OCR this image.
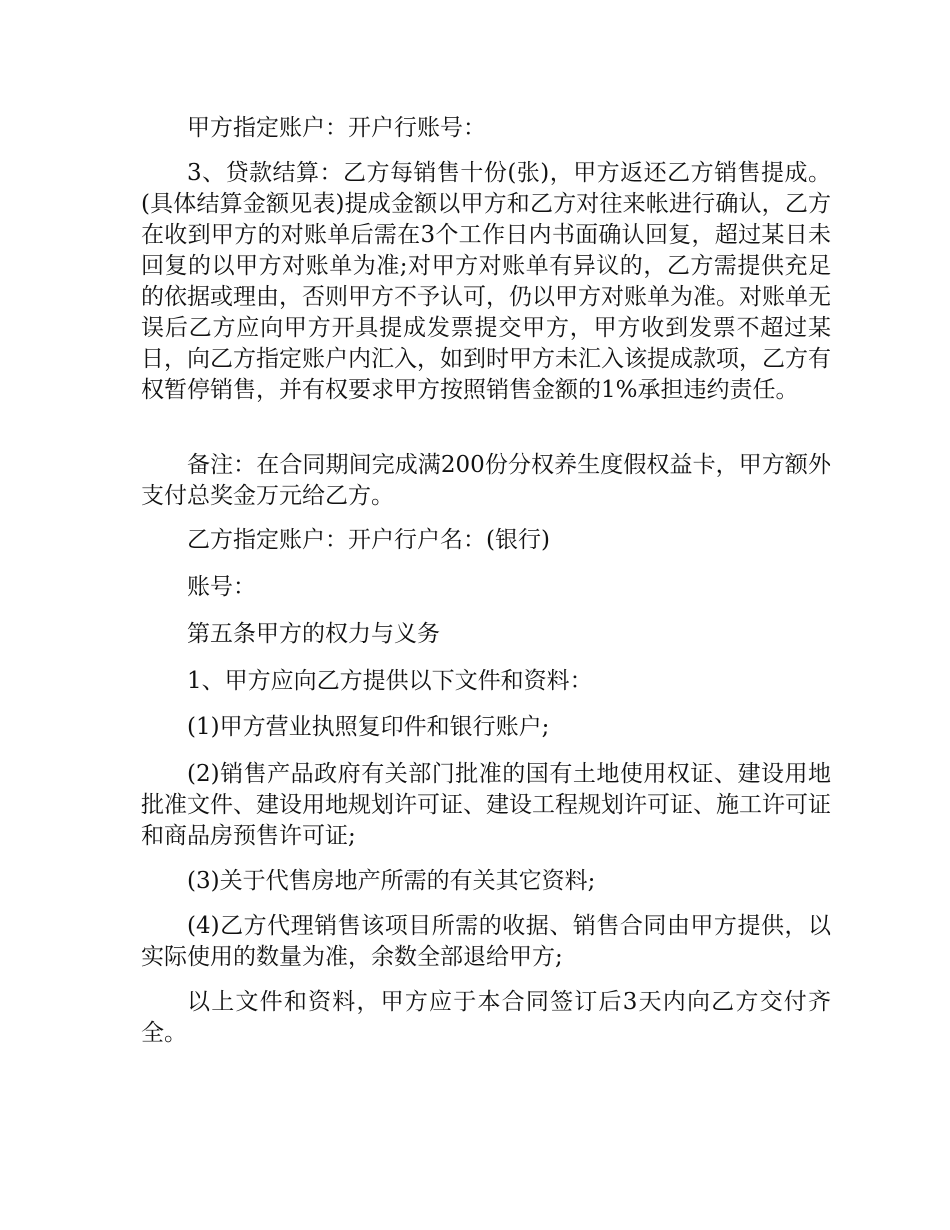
甲方指定账户：开户行账号：

3、贷款结算：乙方每销售十份(张)，甲方返还乙方销售提成。(具体结算金额见表)提成金额以甲方和乙方对往来帐进行确认，乙方在收到甲方的对账单后需在3个工作日内书面确认回复，超过某日未回复的以甲方对账单为准;对甲方对账单有异议的，乙方需提供充足的依据或理由，否则甲方不予认可，仍以甲方对账单为准。对账单无误后乙方应向甲方开具提成发票提交甲方，甲方收到发票不超过某日，向乙方指定账户内汇入，如到时甲方未汇入该提成款项，乙方有权暂停销售，并有权要求甲方按照销售金额的1%承担违约责任。

备注：在合同期间完成满200份分权养生度假权益卡，甲方额外支付总奖金万元给乙方。

乙方指定账户：开户行户名：(银行)

账号：

第五条甲方的权力与义务

1、甲方应向乙方提供以下文件和资料：

(1)甲方营业执照复印件和银行账户;

(2)销售产品政府有关部门批准的国有土地使用权证、建设用地批准文件、建设用地规划许可证、建设工程规划许可证、施工许可证和商品房预售许可证;

(3)关于代售房地产所需的有关其它资料;

(4)乙方代理销售该项目所需的收据、销售合同由甲方提供，以实际使用的数量为准，余数全部退给甲方;

以上文件和资料，甲方应于本合同签订后3天内向乙方交付齐全。
